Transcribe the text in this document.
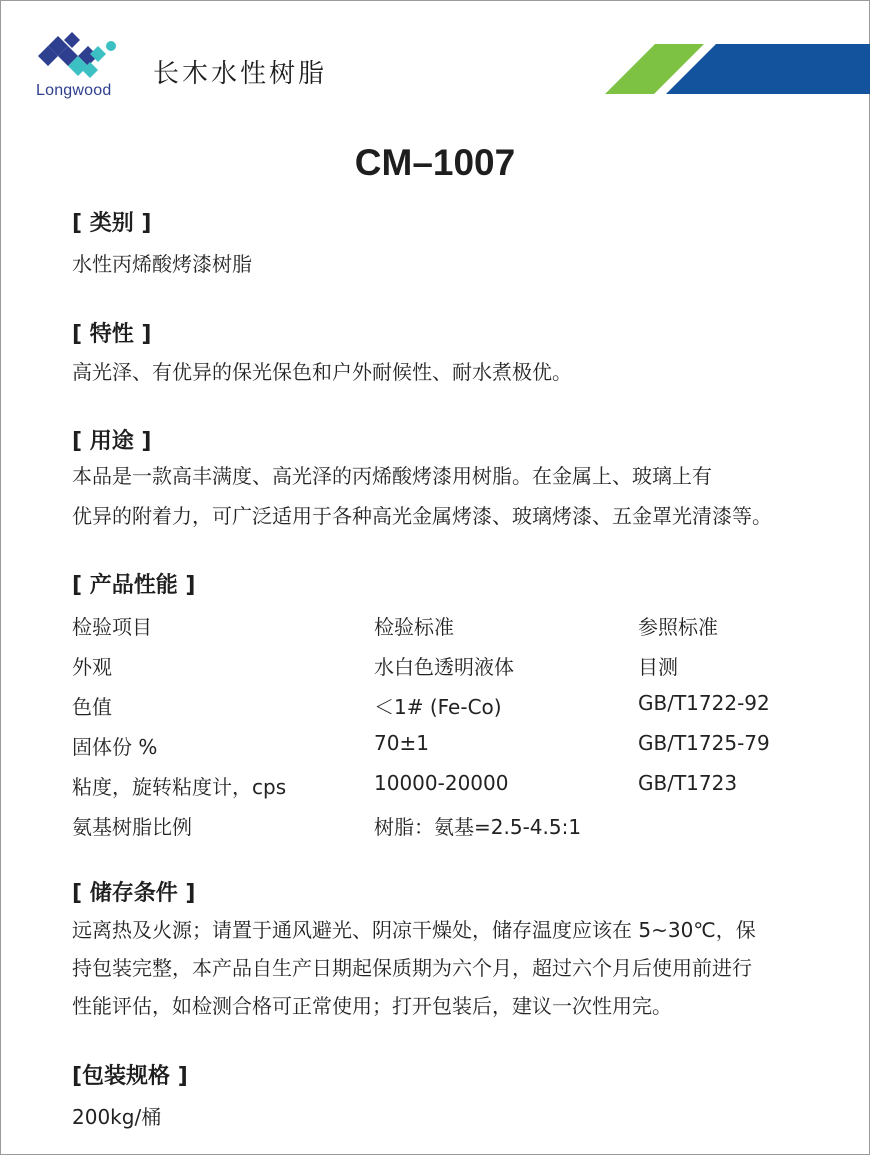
Longwood
长木水性树脂
CM–1007
[ 类别 ]
水性丙烯酸烤漆树脂
[ 特性 ]
高光泽、有优异的保光保色和户外耐候性、耐水煮极优。
[ 用途 ]
本品是一款高丰满度、高光泽的丙烯酸烤漆用树脂。在金属上、玻璃上有
优异的附着力，可广泛适用于各种高光金属烤漆、玻璃烤漆、五金罩光清漆等。
[ 产品性能 ]
检验项目	检验标准	参照标准
外观	水白色透明液体	目测
色值	＜1# (Fe-Co)	GB/T1722-92
固体份 %	70±1	GB/T1725-79
粘度，旋转粘度计，cps	10000-20000	GB/T1723
氨基树脂比例	树脂：氨基=2.5-4.5:1
[ 储存条件 ]
远离热及火源；请置于通风避光、阴凉干燥处，储存温度应该在 5~30℃，保
持包装完整，本产品自生产日期起保质期为六个月，超过六个月后使用前进行
性能评估，如检测合格可正常使用；打开包装后，建议一次性用完。
[包装规格 ]
200kg/桶
